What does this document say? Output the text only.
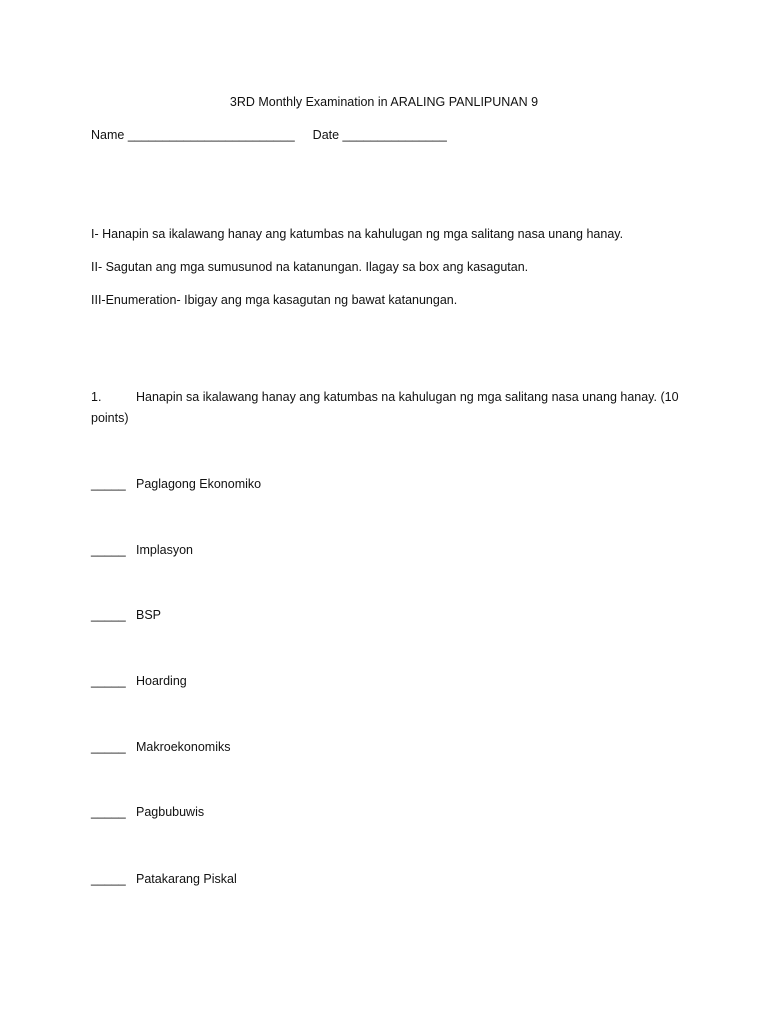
3RD Monthly Examination in ARALING PANLIPUNAN 9
Name ________________________ Date _______________
I- Hanapin sa ikalawang hanay ang katumbas na kahulugan ng mga salitang nasa unang hanay.
II- Sagutan ang mga sumusunod na katanungan. Ilagay sa box ang kasagutan.
III-Enumeration- Ibigay ang mga kasagutan ng bawat katanungan.
1.	Hanapin sa ikalawang hanay ang katumbas na kahulugan ng mga salitang nasa unang hanay. (10
points)
_____ Paglagong Ekonomiko
_____ Implasyon
_____ BSP
_____ Hoarding
_____ Makroekonomiks
_____ Pagbubuwis
_____ Patakarang Piskal
